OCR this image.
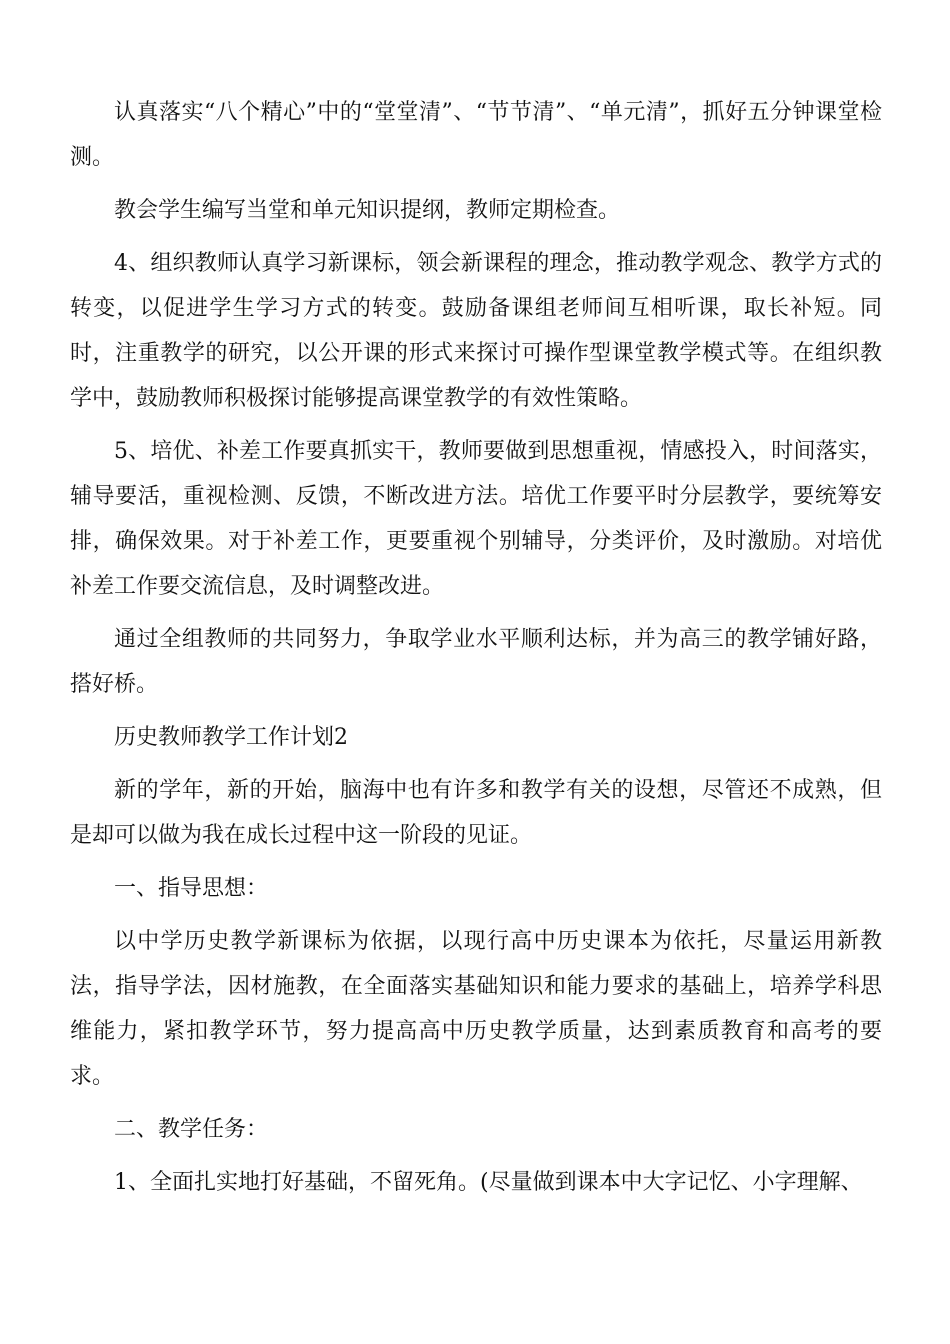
认真落实“八个精心”中的“堂堂清”、“节节清”、“单元清”，抓好五分钟课堂检测。

教会学生编写当堂和单元知识提纲，教师定期检查。

4、组织教师认真学习新课标，领会新课程的理念，推动教学观念、教学方式的转变，以促进学生学习方式的转变。鼓励备课组老师间互相听课，取长补短。同时，注重教学的研究，以公开课的形式来探讨可操作型课堂教学模式等。在组织教学中，鼓励教师积极探讨能够提高课堂教学的有效性策略。

5、培优、补差工作要真抓实干，教师要做到思想重视，情感投入，时间落实，辅导要活，重视检测、反馈，不断改进方法。培优工作要平时分层教学，要统筹安排，确保效果。对于补差工作，更要重视个别辅导，分类评价，及时激励。对培优补差工作要交流信息，及时调整改进。

通过全组教师的共同努力，争取学业水平顺利达标，并为高三的教学铺好路，搭好桥。

历史教师教学工作计划2

新的学年，新的开始，脑海中也有许多和教学有关的设想，尽管还不成熟，但是却可以做为我在成长过程中这一阶段的见证。

一、指导思想：

以中学历史教学新课标为依据，以现行高中历史课本为依托，尽量运用新教法，指导学法，因材施教，在全面落实基础知识和能力要求的基础上，培养学科思维能力，紧扣教学环节，努力提高高中历史教学质量，达到素质教育和高考的要求。

二、教学任务：

1、全面扎实地打好基础，不留死角。(尽量做到课本中大字记忆、小字理解、
